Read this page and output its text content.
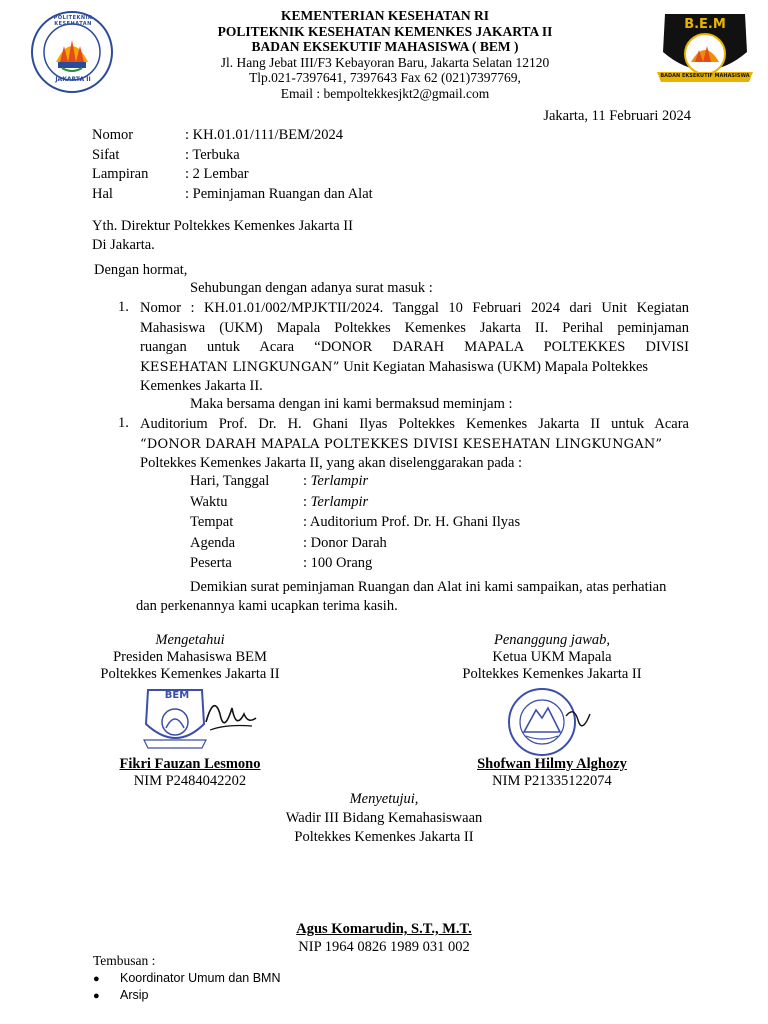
POLITEKNIK KESEHATAN
JAKARTA II
B.E.M
BADAN EKSEKUTIF MAHASISWA
KEMENTERIAN KESEHATAN RI
POLITEKNIK KESEHATAN KEMENKES JAKARTA II
BADAN EKSEKUTIF MAHASISWA ( BEM )
Jl. Hang Jebat III/F3 Kebayoran Baru, Jakarta Selatan 12120
Tlp.021-7397641, 7397643 Fax 62 (021)7397769,
Email : bempoltekkesjkt2@gmail.com
Jakarta, 11 Februari 2024
Nomor	: KH.01.01/111/BEM/2024
Sifat	: Terbuka
Lampiran	: 2 Lembar
Hal	: Peminjaman Ruangan dan Alat
Yth. Direktur Poltekkes Kemenkes Jakarta II
Di Jakarta.
Dengan hormat,
Sehubungan dengan adanya surat masuk :
1. Nomor : KH.01.01/002/MPJKTII/2024. Tanggal 10 Februari 2024 dari Unit Kegiatan
Mahasiswa (UKM) Mapala Poltekkes Kemenkes Jakarta II. Perihal peminjaman
ruangan untuk Acara “DONOR DARAH MAPALA POLTEKKES DIVISI
KESEHATAN LINGKUNGAN” Unit Kegiatan Mahasiswa (UKM) Mapala Poltekkes
Kemenkes Jakarta II.
Maka bersama dengan ini kami bermaksud meminjam :
1. Auditorium Prof. Dr. H. Ghani Ilyas Poltekkes Kemenkes Jakarta II untuk Acara
“DONOR DARAH MAPALA POLTEKKES DIVISI KESEHATAN LINGKUNGAN”
Poltekkes Kemenkes Jakarta II, yang akan diselenggarakan pada :
Hari, Tanggal : Terlampir
Waktu	: Terlampir
Tempat	: Auditorium Prof. Dr. H. Ghani Ilyas
Agenda	: Donor Darah
Peserta	: 100 Orang
Demikian surat peminjaman Ruangan dan Alat ini kami sampaikan, atas perhatian
dan perkenannya kami ucapkan terima kasih.
Mengetahui
Presiden Mahasiswa BEM
Poltekkes Kemenkes Jakarta II
BEM
Fikri Fauzan Lesmono
NIM P2484042202
Penanggung jawab,
Ketua UKM Mapala
Poltekkes Kemenkes Jakarta II
Shofwan Hilmy Alghozy
NIM P21335122074
Menyetujui,
Wadir III Bidang Kemahasiswaan
Poltekkes Kemenkes Jakarta II
Agus Komarudin, S.T., M.T.
NIP 1964 0826 1989 031 002
Tembusan :
● Koordinator Umum dan BMN
● Arsip
